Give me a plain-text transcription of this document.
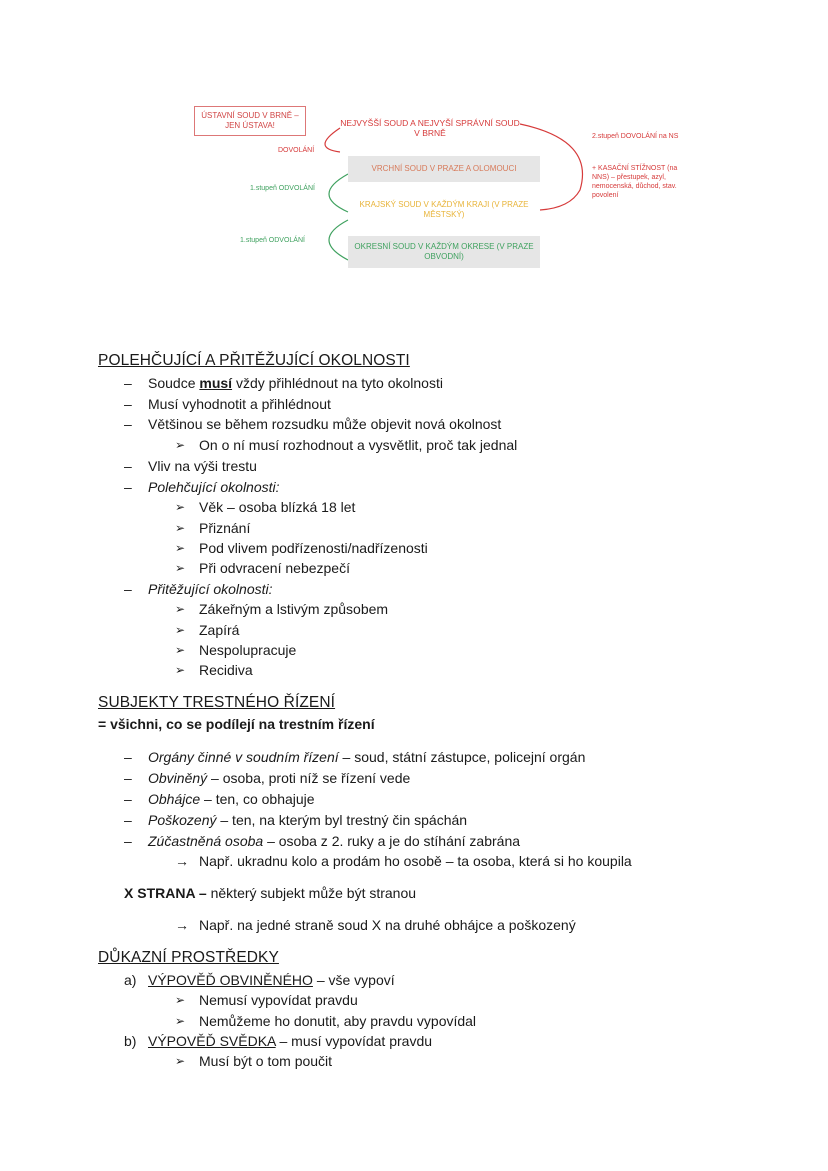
ÚSTAVNÍ SOUD V BRNĚ – JEN ÚSTAVA!	NEJVYŠŠÍ SOUD A NEJVYŠÍ SPRÁVNÍ SOUD V BRNĚ
VRCHNÍ SOUD V PRAZE A OLOMOUCI
KRAJSKÝ SOUD V KAŽDÝM KRAJI (V PRAZE MĚSTSKÝ)
OKRESNÍ SOUD V KAŽDÝM OKRESE (V PRAZE OBVODNÍ)
DOVOLÁNÍ
1.stupeň ODVOLÁNÍ
1.stupeň ODVOLÁNÍ
2.stupeň DOVOLÁNÍ na NS
+ KASAČNÍ STÍŽNOST (na NNS) – přestupek, azyl, nemocenská, důchod, stav. povolení
POLEHČUJÍCÍ A PŘITĚŽUJÍCÍ OKOLNOSTI
– Soudce musí vždy přihlédnout na tyto okolnosti
– Musí vyhodnotit a přihlédnout
– Většinou se během rozsudku může objevit nová okolnost
➢ On o ní musí rozhodnout a vysvětlit, proč tak jednal
– Vliv na výši trestu
– Polehčující okolnosti:
➢ Věk – osoba blízká 18 let
➢ Přiznání
➢ Pod vlivem podřízenosti/nadřízenosti
➢ Při odvracení nebezpečí
– Přitěžující okolnosti:
➢ Zákeřným a lstivým způsobem
➢ Zapírá
➢ Nespolupracuje
➢ Recidiva
SUBJEKTY TRESTNÉHO ŘÍZENÍ
= všichni, co se podílejí na trestním řízení
– Orgány činné v soudním řízení – soud, státní zástupce, policejní orgán
– Obviněný – osoba, proti níž se řízení vede
– Obhájce – ten, co obhajuje
– Poškozený – ten, na kterým byl trestný čin spáchán
– Zúčastněná osoba – osoba z 2. ruky a je do stíhání zabrána
→ Např. ukradnu kolo a prodám ho osobě – ta osoba, která si ho koupila
X STRANA – některý subjekt může být stranou
→ Např. na jedné straně soud X na druhé obhájce a poškozený
DŮKAZNÍ PROSTŘEDKY
a) VÝPOVĚĎ OBVINĚNÉHO – vše vypoví
➢ Nemusí vypovídat pravdu
➢ Nemůžeme ho donutit, aby pravdu vypovídal
b) VÝPOVĚĎ SVĚDKA – musí vypovídat pravdu
➢ Musí být o tom poučit
